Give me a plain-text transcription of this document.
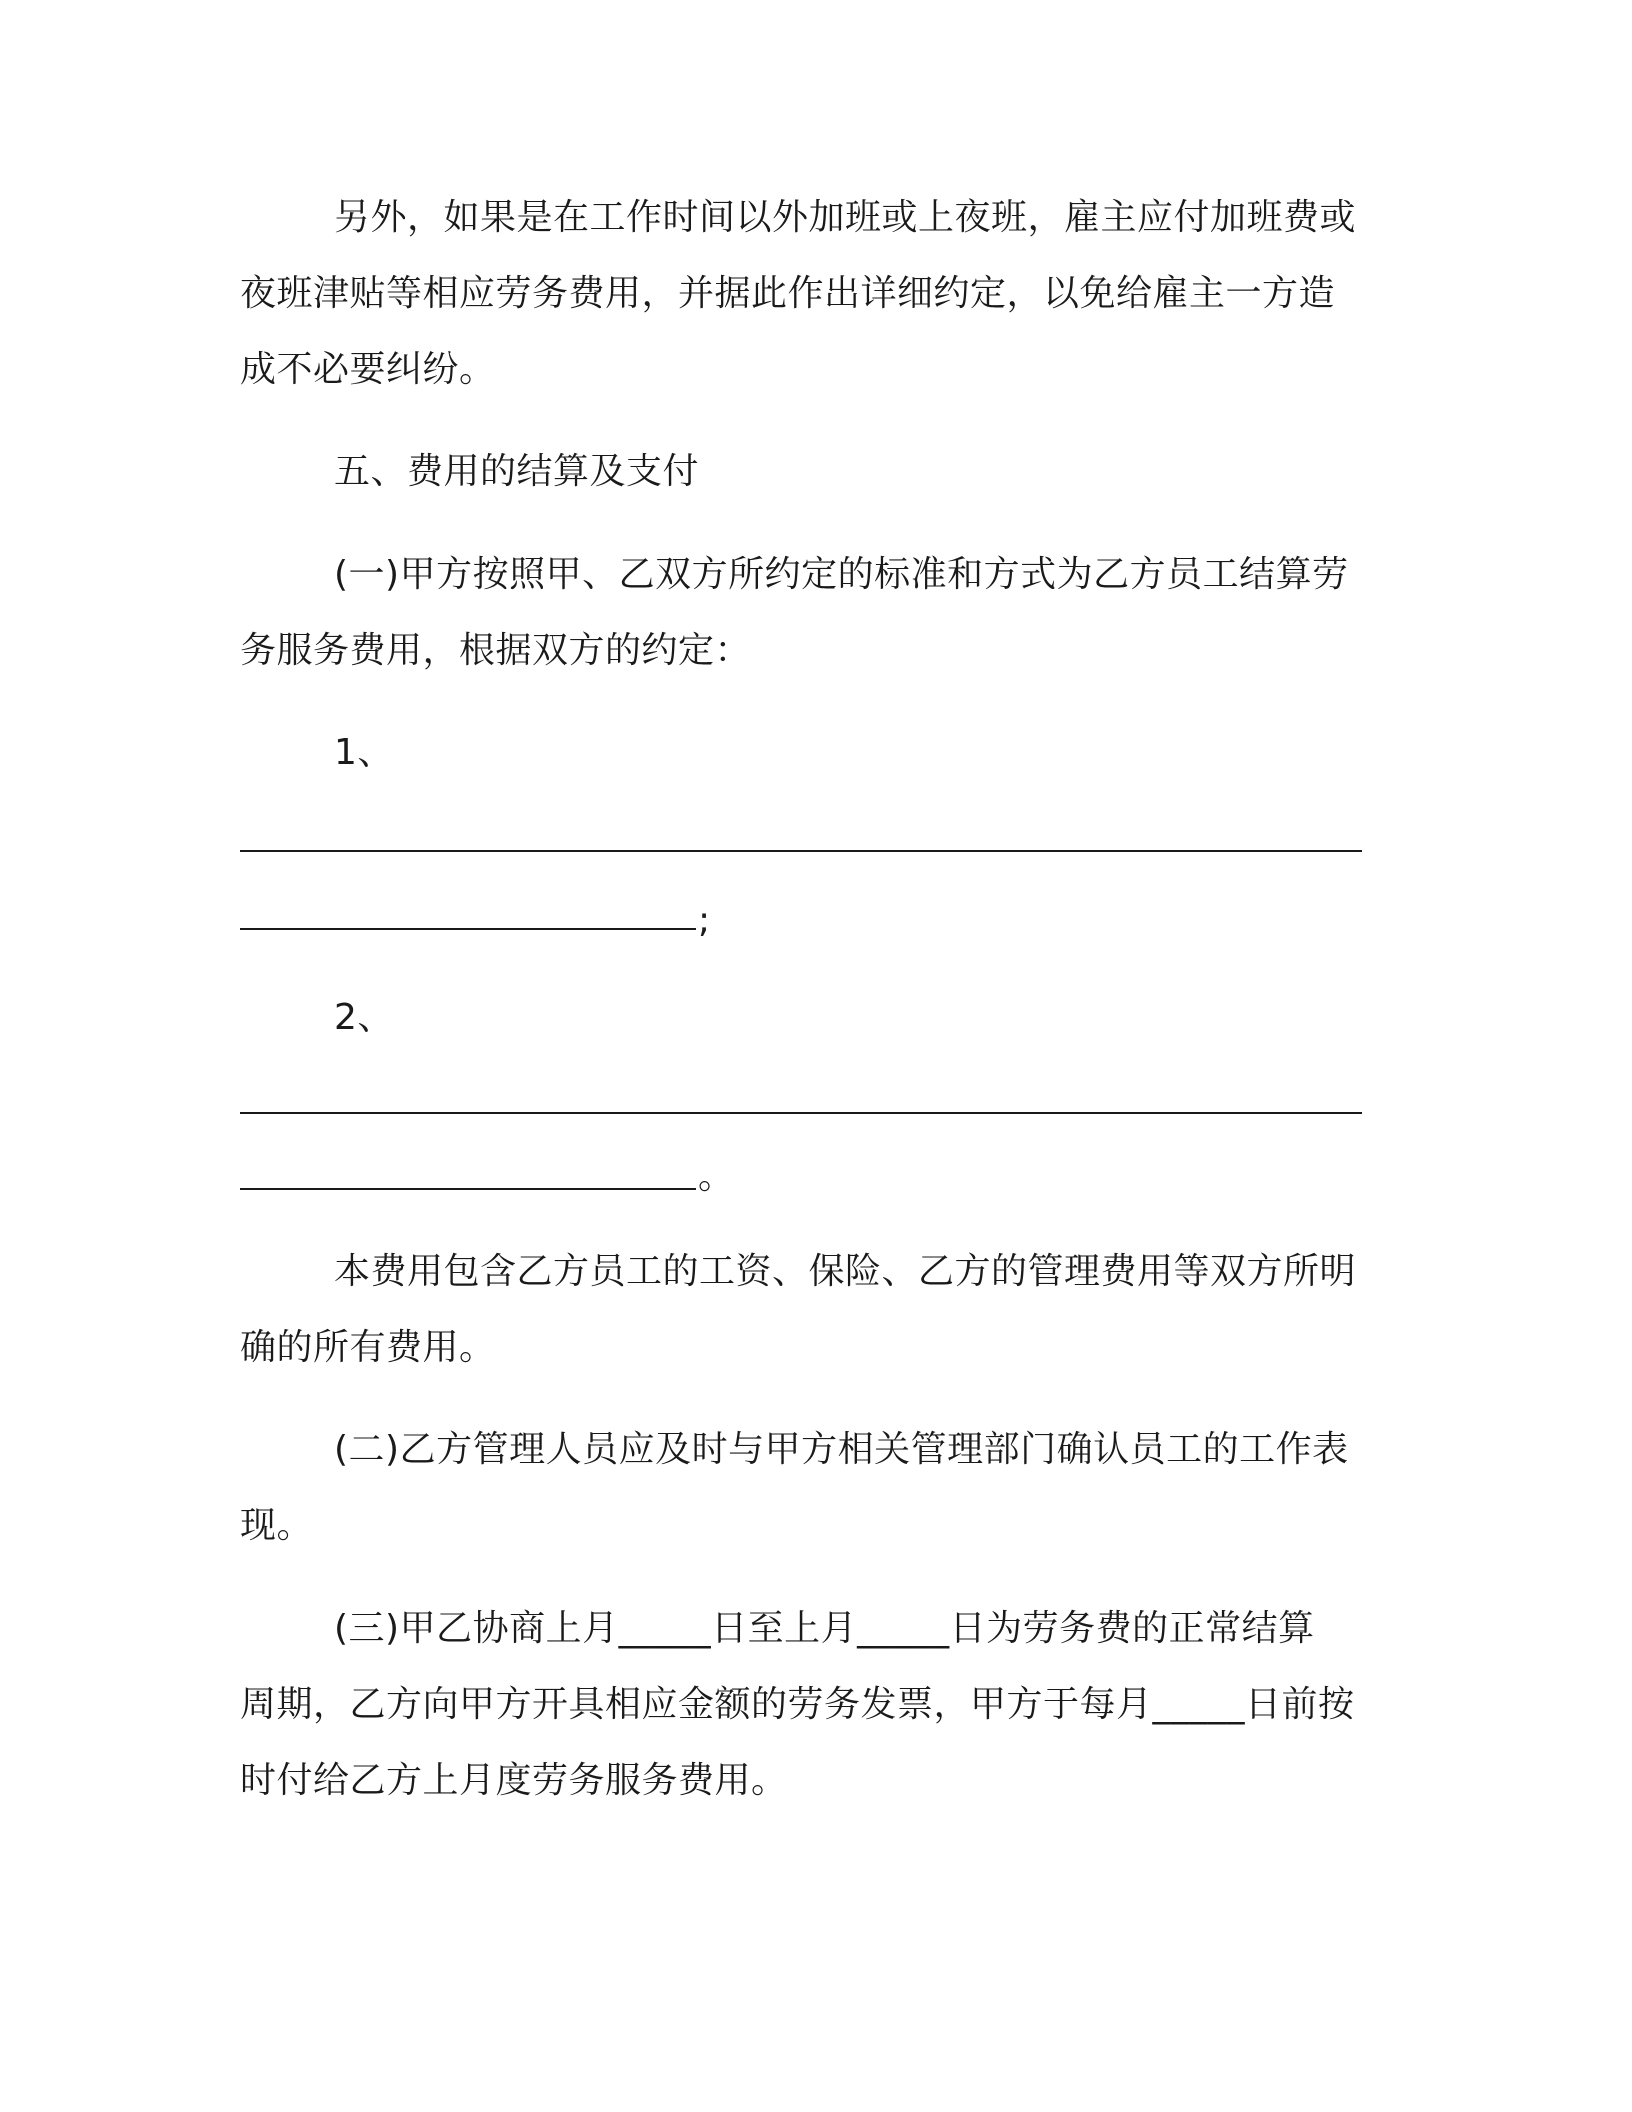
另外，如果是在工作时间以外加班或上夜班，雇主应付加班费或
夜班津贴等相应劳务费用，并据此作出详细约定，以免给雇主一方造
成不必要纠纷。
五、费用的结算及支付
(一)甲方按照甲、乙双方所约定的标准和方式为乙方员工结算劳
务服务费用，根据双方的约定：
1、
;
2、
。
本费用包含乙方员工的工资、保险、乙方的管理费用等双方所明
确的所有费用。
(二)乙方管理人员应及时与甲方相关管理部门确认员工的工作表
现。
(三)甲乙协商上月_____日至上月_____日为劳务费的正常结算
周期，乙方向甲方开具相应金额的劳务发票，甲方于每月_____日前按
时付给乙方上月度劳务服务费用。
